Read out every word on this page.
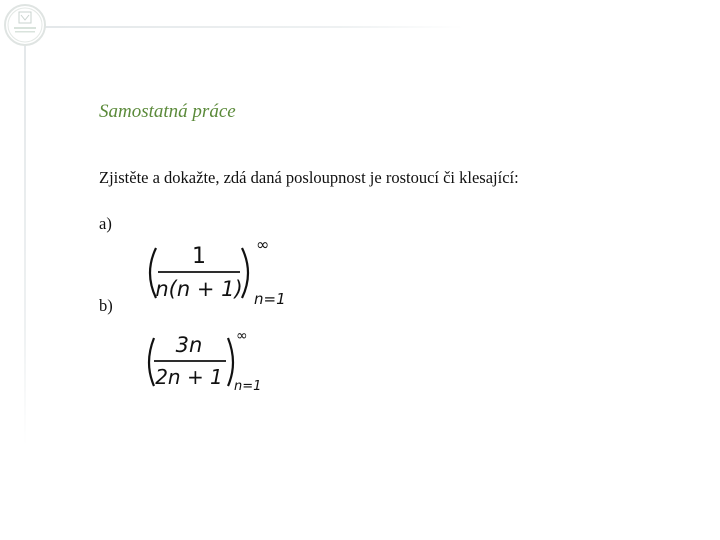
Samostatná práce
Zjistěte a dokažte, zdá daná posloupnost je rostoucí či klesající:
a)
1
n(n + 1)
∞
n=1
b)
3n
2n + 1
∞
n=1
